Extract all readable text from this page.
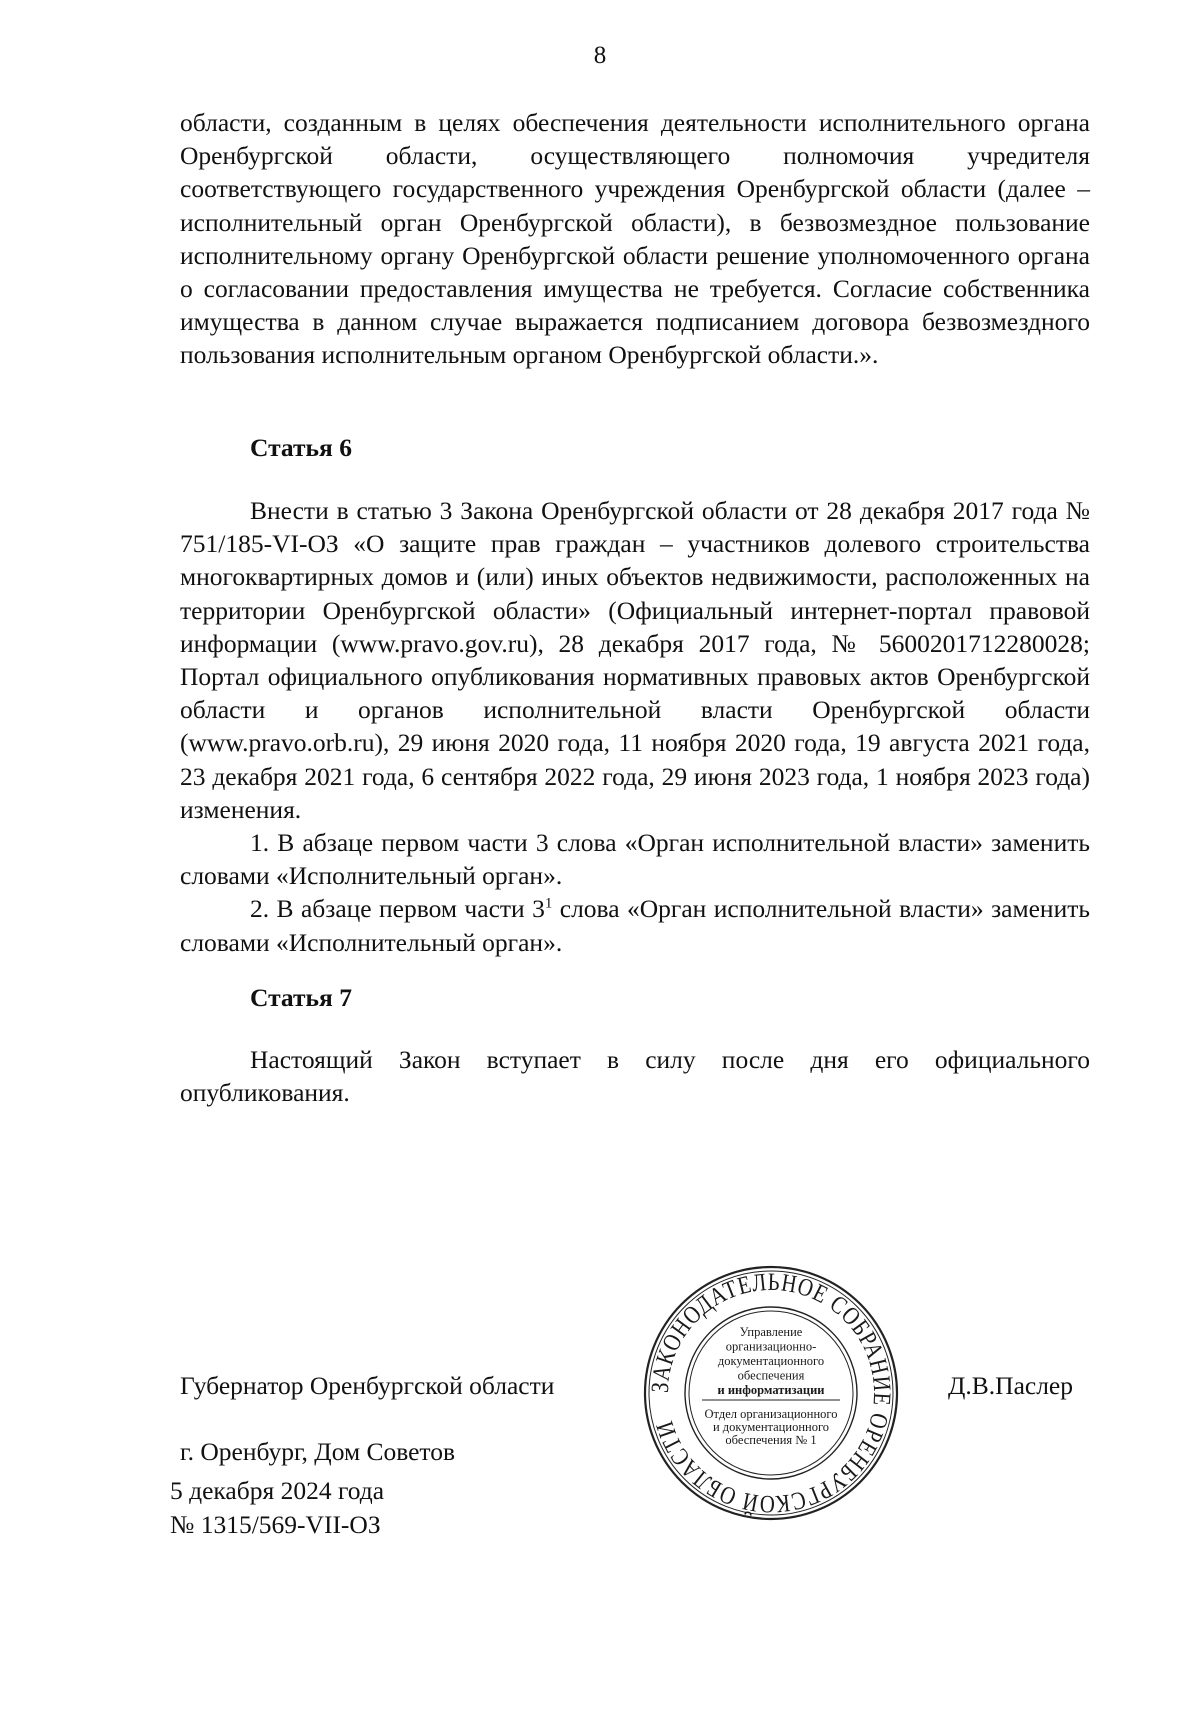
8

области, созданным в целях обеспечения деятельности исполнительного органа Оренбургской области, осуществляющего полномочия учредителя соответствующего государственного учреждения Оренбургской области (далее – исполнительный орган Оренбургской области), в безвозмездное пользование исполнительному органу Оренбургской области решение уполномоченного органа о согласовании предоставления имущества не требуется. Согласие собственника имущества в данном случае выражается подписанием договора безвозмездного пользования исполнительным органом Оренбургской области.».

Статья 6

Внести в статью 3 Закона Оренбургской области от 28 декабря 2017 года № 751/185-VI-ОЗ «О защите прав граждан – участников долевого строительства многоквартирных домов и (или) иных объектов недвижимости, расположенных на территории Оренбургской области» (Официальный интернет-портал правовой информации (www.pravo.gov.ru), 28 декабря 2017 года, № 5600201712280028; Портал официального опубликования нормативных правовых актов Оренбургской области и органов исполнительной власти Оренбургской области (www.pravo.orb.ru), 29 июня 2020 года, 11 ноября 2020 года, 19 августа 2021 года, 23 декабря 2021 года, 6 сентября 2022 года, 29 июня 2023 года, 1 ноября 2023 года) изменения.

1. В абзаце первом части 3 слова «Орган исполнительной власти» заменить словами «Исполнительный орган».

2. В абзаце первом части $3^1$ слова «Орган исполнительной власти» заменить словами «Исполнительный орган».

Статья 7

Настоящий Закон вступает в силу после дня его официального опубликования.

Губернатор Оренбургской области	Д.В.Паслер
г. Оренбург, Дом Советов
5 декабря 2024 года
№ 1315/569-VII-ОЗ
ЗАКОНОДАТЕЛЬНОЕ СОБРАНИЕ ОРЕНБУРГСКОЙ ОБЛАСТИ
Управление
организационно-
документационного
обеспечения
и информатизации
Отдел организационного
и документационного
обеспечения № 1
